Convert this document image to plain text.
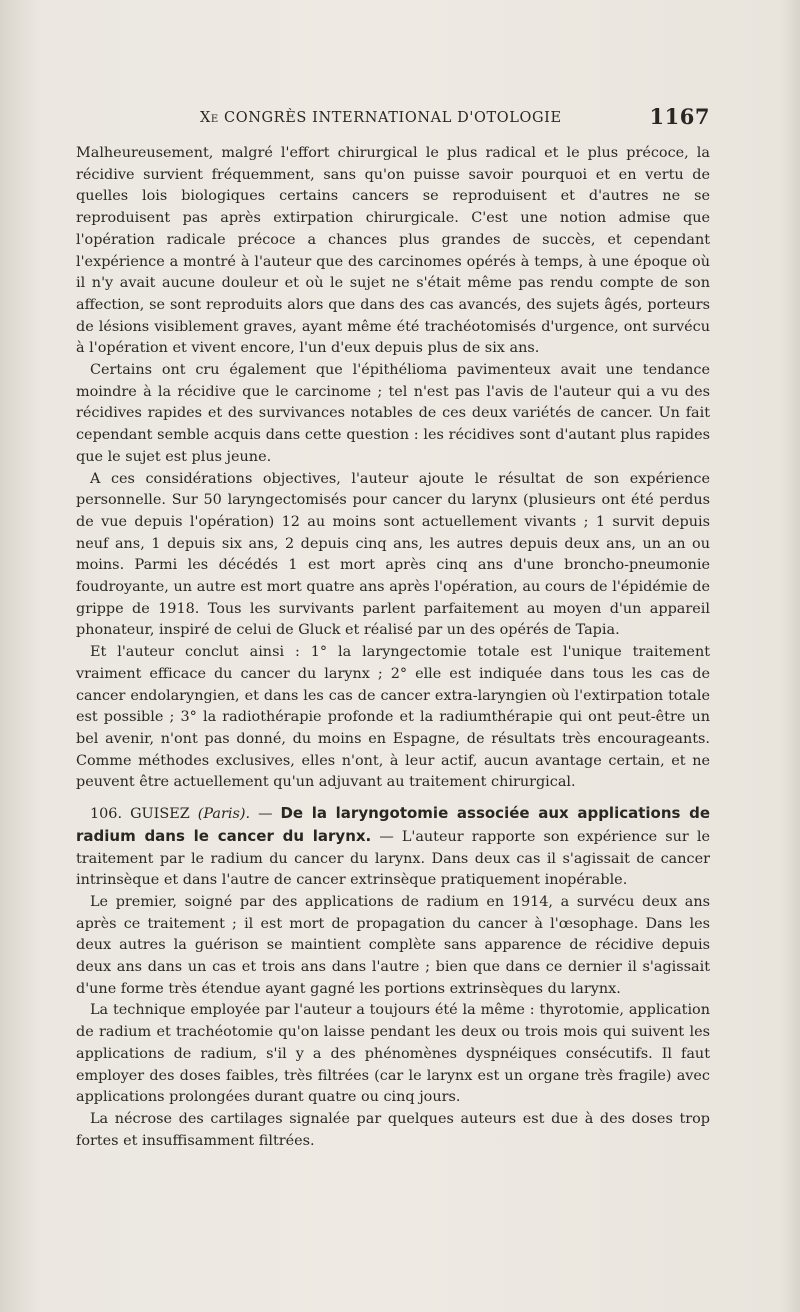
Xe CONGRÈS INTERNATIONAL D'OTOLOGIE	1167

Malheureusement, malgré l'effort chirurgical le plus radical et le plus précoce, la récidive survient fréquemment, sans qu'on puisse savoir pourquoi et en vertu de quelles lois biologiques certains cancers se reproduisent et d'autres ne se reproduisent pas après extirpation chirurgicale. C'est une notion admise que l'opération radicale précoce a chances plus grandes de succès, et cependant l'expérience a montré à l'auteur que des carcinomes opérés à temps, à une époque où il n'y avait aucune douleur et où le sujet ne s'était même pas rendu compte de son affection, se sont reproduits alors que dans des cas avancés, des sujets âgés, porteurs de lésions visiblement graves, ayant même été trachéotomisés d'urgence, ont survécu à l'opération et vivent encore, l'un d'eux depuis plus de six ans.

Certains ont cru également que l'épithélioma pavimenteux avait une tendance moindre à la récidive que le carcinome ; tel n'est pas l'avis de l'auteur qui a vu des récidives rapides et des survivances notables de ces deux variétés de cancer. Un fait cependant semble acquis dans cette question : les récidives sont d'autant plus rapides que le sujet est plus jeune.

A ces considérations objectives, l'auteur ajoute le résultat de son expérience personnelle. Sur 50 laryngectomisés pour cancer du larynx (plusieurs ont été perdus de vue depuis l'opération) 12 au moins sont actuellement vivants ; 1 survit depuis neuf ans, 1 depuis six ans, 2 depuis cinq ans, les autres depuis deux ans, un an ou moins. Parmi les décédés 1 est mort après cinq ans d'une broncho-pneumonie foudroyante, un autre est mort quatre ans après l'opération, au cours de l'épidémie de grippe de 1918. Tous les survivants parlent parfaitement au moyen d'un appareil phonateur, inspiré de celui de Gluck et réalisé par un des opérés de Tapia.

Et l'auteur conclut ainsi : 1° la laryngectomie totale est l'unique traitement vraiment efficace du cancer du larynx ; 2° elle est indiquée dans tous les cas de cancer endolaryngien, et dans les cas de cancer extra-laryngien où l'extirpation totale est possible ; 3° la radiothérapie profonde et la radiumthérapie qui ont peut-être un bel avenir, n'ont pas donné, du moins en Espagne, de résultats très encourageants. Comme méthodes exclusives, elles n'ont, à leur actif, aucun avantage certain, et ne peuvent être actuellement qu'un adjuvant au traitement chirurgical.

106. GUISEZ (Paris). — De la laryngotomie associée aux applications de radium dans le cancer du larynx. — L'auteur rapporte son expérience sur le traitement par le radium du cancer du larynx. Dans deux cas il s'agissait de cancer intrinsèque et dans l'autre de cancer extrinsèque pratiquement inopérable.

Le premier, soigné par des applications de radium en 1914, a survécu deux ans après ce traitement ; il est mort de propagation du cancer à l'œsophage. Dans les deux autres la guérison se maintient complète sans apparence de récidive depuis deux ans dans un cas et trois ans dans l'autre ; bien que dans ce dernier il s'agissait d'une forme très étendue ayant gagné les portions extrinsèques du larynx.

La technique employée par l'auteur a toujours été la même : thyrotomie, application de radium et trachéotomie qu'on laisse pendant les deux ou trois mois qui suivent les applications de radium, s'il y a des phénomènes dyspnéiques consécutifs. Il faut employer des doses faibles, très filtrées (car le larynx est un organe très fragile) avec applications prolongées durant quatre ou cinq jours.

La nécrose des cartilages signalée par quelques auteurs est due à des doses trop fortes et insuffisamment filtrées.
